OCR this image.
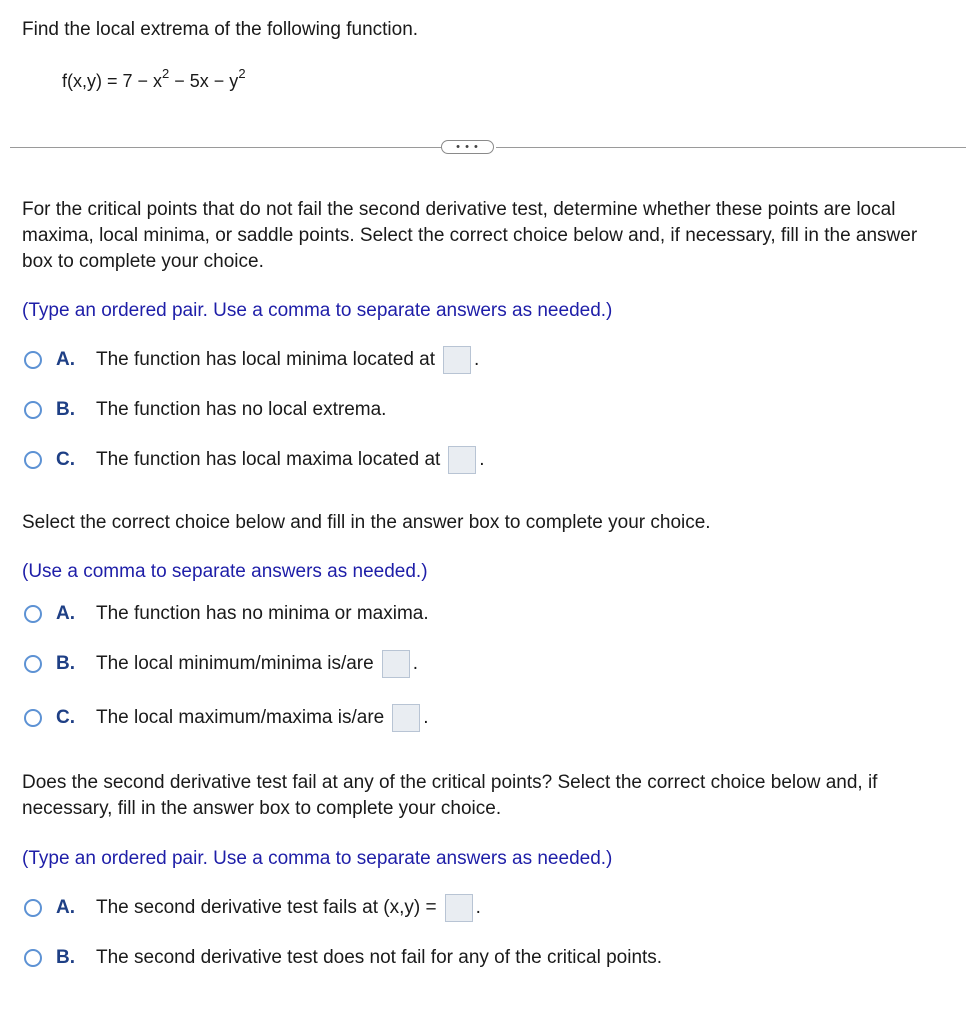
Find the local extrema of the following function.
$f(x,y) = 7 - x^2 - 5x - y^2$
• • •
For the critical points that do not fail the second derivative test, determine whether these points are local maxima, local minima, or saddle points. Select the correct choice below and, if necessary, fill in the answer box to complete your choice.
(Type an ordered pair. Use a comma to separate answers as needed.)
A.	The function has local minima located at .
B.	The function has no local extrema.
C.	The function has local maxima located at .
Select the correct choice below and fill in the answer box to complete your choice.
(Use a comma to separate answers as needed.)
A.	The function has no minima or maxima.
B.	The local minimum/minima is/are .
C.	The local maximum/maxima is/are .
Does the second derivative test fail at any of the critical points? Select the correct choice below and, if necessary, fill in the answer box to complete your choice.
(Type an ordered pair. Use a comma to separate answers as needed.)
A.	The second derivative test fails at (x,y) = .
B.	The second derivative test does not fail for any of the critical points.
